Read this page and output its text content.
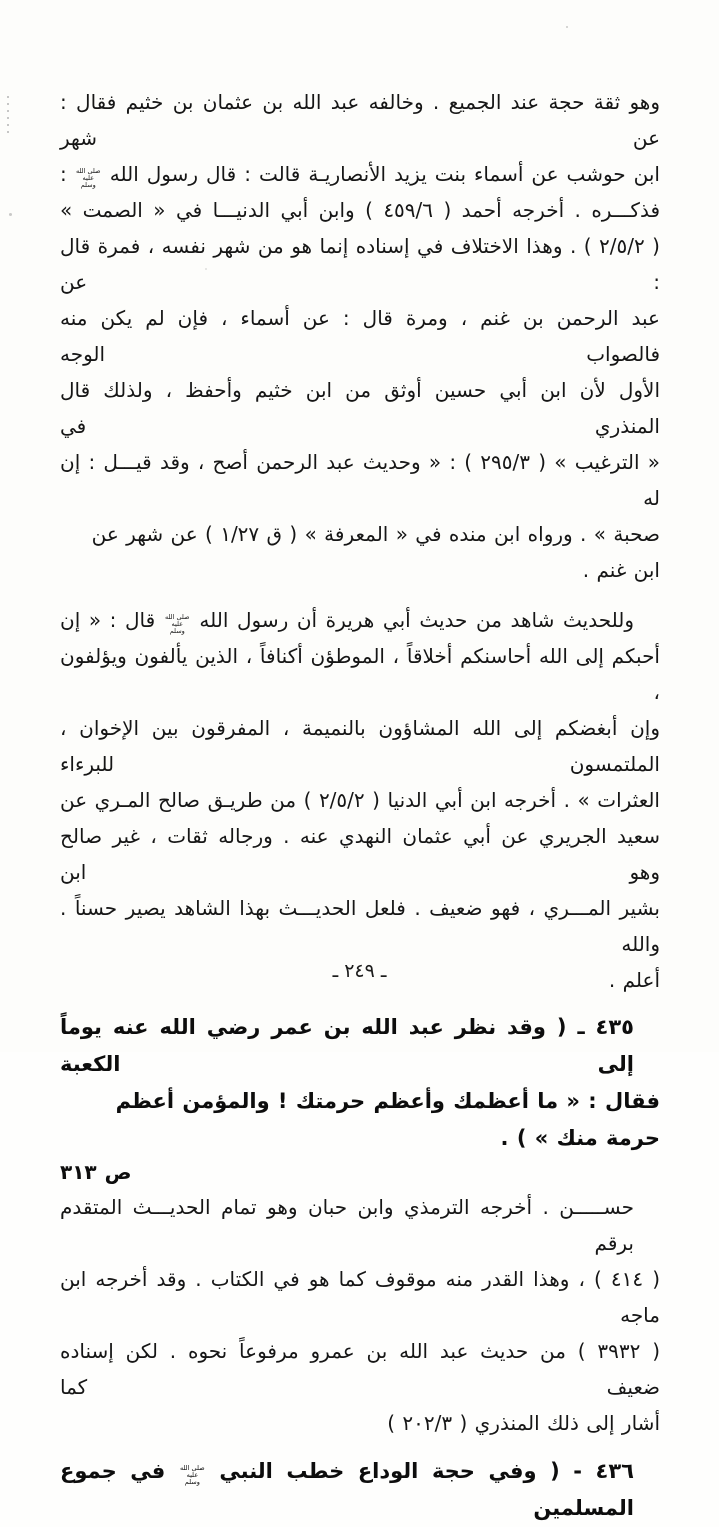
وهو ثقة حجة عند الجميع . وخالفه عبد الله بن عثمان بن خثيم فقال : عن شهر
ابن حوشب عن أسماء بنت يزيد الأنصاريـة قالت : قال رسول الله صلى الله عليه وسلم :
فذكـــره . أخرجه أحمد ( ٤٥٩/٦ ) وابن أبي الدنيـــا في « الصمت »
( ٢/٥/٢ ) . وهذا الاختلاف في إسناده إنما هو من شهر نفسه ، فمرة قال : عن
عبد الرحمن بن غنم ، ومرة قال : عن أسماء ، فإن لم يكن منه فالصواب الوجه
الأول لأن ابن أبي حسين أوثق من ابن خثيم وأحفظ ، ولذلك قال المنذري في
« الترغيب » ( ٢٩٥/٣ ) : « وحديث عبد الرحمن أصح ، وقد قيـــل : إن له
صحبة » . ورواه ابن منده في « المعرفة » ( ق ١/٢٧ ) عن شهر عن ابن غنم .
وللحديث شاهد من حديث أبي هريرة أن رسول الله صلى الله عليه وسلم قال : « إن
أحبكم إلى الله أحاسنكم أخلاقاً ، الموطؤن أكنافاً ، الذين يألفون ويؤلفون ،
وإن أبغضكم إلى الله المشاؤون بالنميمة ، المفرقون بين الإخوان ، الملتمسون للبرءاء
العثرات » . أخرجه ابن أبي الدنيا ( ٢/٥/٢ ) من طريـق صالح المـري عن
سعيد الجريري عن أبي عثمان النهدي عنه . ورجاله ثقات ، غير صالح وهو ابن
بشير المـــري ، فهو ضعيف . فلعل الحديـــث بهذا الشاهد يصير حسناً . والله
أعلم .
٤٣٥ ـ ( وقد نظر عبد الله بن عمر رضي الله عنه يوماً إلى الكعبة
فقال : « ما أعظمك وأعظم حرمتك ! والمؤمن أعظم حرمة منك » ) .
ص ٣١٣
حســـــن . أخرجه الترمذي وابن حبان وهو تمام الحديـــث المتقدم برقم
( ٤١٤ ) ، وهذا القدر منه موقوف كما هو في الكتاب . وقد أخرجه ابن ماجه
( ٣٩٣٢ ) من حديث عبد الله بن عمرو مرفوعاً نحوه . لكن إسناده ضعيف كما
أشار إلى ذلك المنذري ( ٢٠٢/٣ )
٤٣٦ - ( وفي حجة الوداع خطب النبي صلى الله عليه وسلم في جموع المسلمين
ـ ٢٤٩ ـ
